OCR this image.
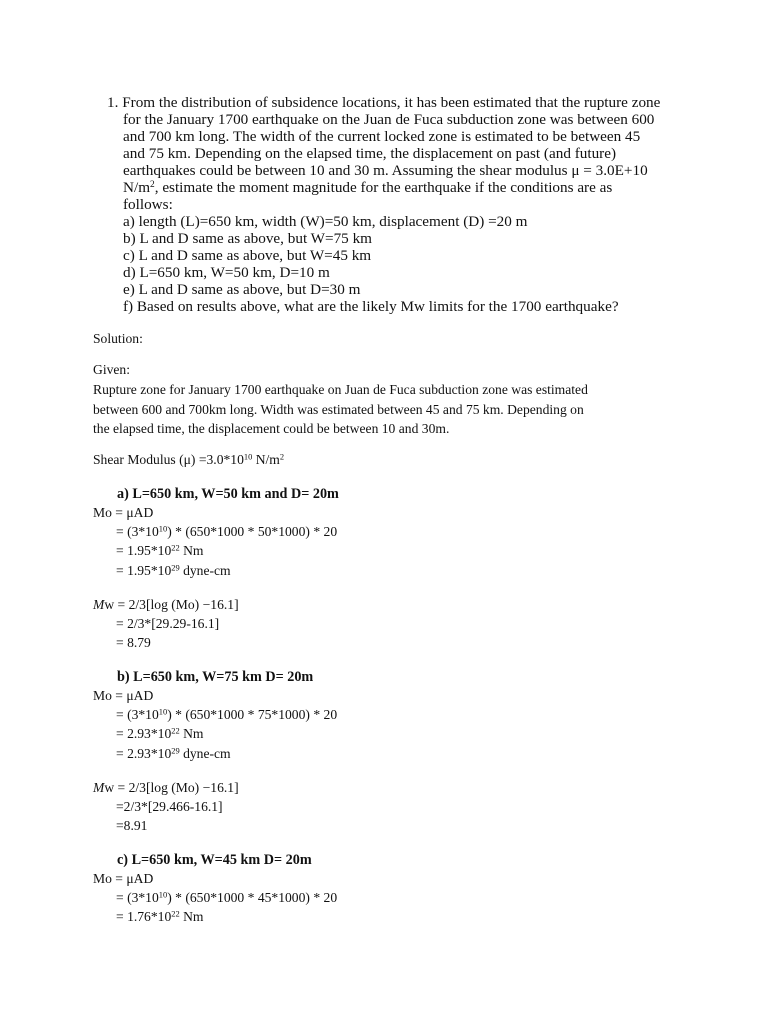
1. From the distribution of subsidence locations, it has been estimated that the rupture zone
for the January 1700 earthquake on the Juan de Fuca subduction zone was between 600
and 700 km long. The width of the current locked zone is estimated to be between 45
and 75 km. Depending on the elapsed time, the displacement on past (and future)
earthquakes could be between 10 and 30 m. Assuming the shear modulus μ = 3.0E+10
$N/m^2$, estimate the moment magnitude for the earthquake if the conditions are as
follows:
a) length (L)=650 km, width (W)=50 km, displacement (D) =20 m
b) L and D same as above, but W=75 km
c) L and D same as above, but W=45 km
d) L=650 km, W=50 km, D=10 m
e) L and D same as above, but D=30 m
f) Based on results above, what are the likely Mw limits for the 1700 earthquake?
Solution:
Given:
Rupture zone for January 1700 earthquake on Juan de Fuca subduction zone was estimated
between 600 and 700km long. Width was estimated between 45 and 75 km. Depending on
the elapsed time, the displacement could be between 10 and 30m.
Shear Modulus $(\mu) =3.0*10^{10}$ $N/m^2$
a) L=650 km, W=50 km and D= 20m
Mo = μAD
= $(3*10^{10}) * (650*1000 * 50*1000) * 20$
= $1.95*10^{22}$ Nm
= $1.95*10^{29}$ dyne-cm
Mw = 2/3[log (Mo) −16.1]
= 2/3*[29.29-16.1]
= 8.79
b) L=650 km, W=75 km D= 20m
Mo = μAD
= $(3*10^{10}) * (650*1000 * 75*1000) * 20$
= $2.93*10^{22}$ Nm
= $2.93*10^{29}$ dyne-cm
Mw = 2/3[log (Mo) −16.1]
=2/3*[29.466-16.1]
=8.91
c) L=650 km, W=45 km D= 20m
Mo = μAD
= $(3*10^{10}) * (650*1000 * 45*1000) * 20$
= $1.76*10^{22}$ Nm
